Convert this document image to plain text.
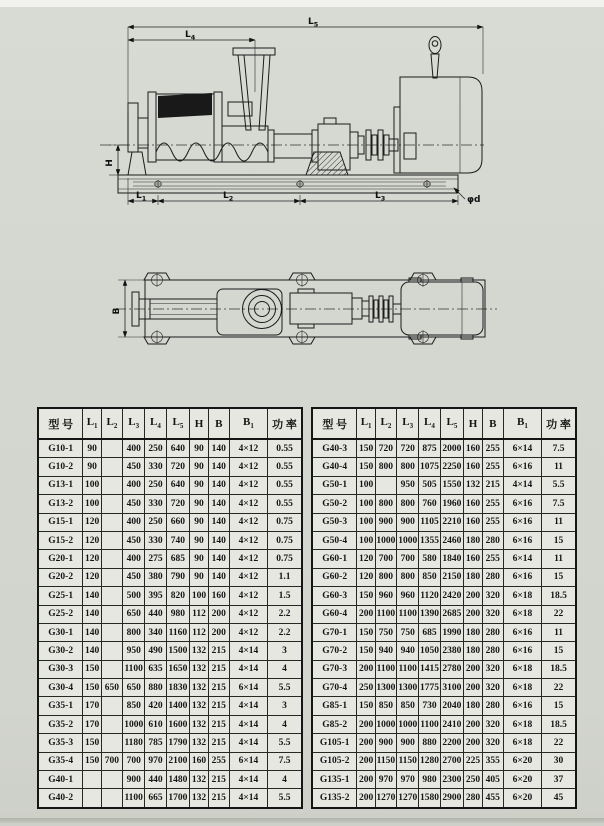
$L_5$
$L_4$
H
$L_1$	$L_2$	$L_3$	φd
B
型 号	$L_1$	$L_2$	$L_3$	$L_4$	$L_5$	H	B	$B_1$	功 率
G10-1	90		400	250	640	90	140	4×12	0.55
G10-2	90		450	330	720	90	140	4×12	0.55
G13-1	100		400	250	640	90	140	4×12	0.55
G13-2	100		450	330	720	90	140	4×12	0.55
G15-1	120		400	250	660	90	140	4×12	0.75
G15-2	120		450	330	740	90	140	4×12	0.75
G20-1	120		400	275	685	90	140	4×12	0.75
G20-2	120		450	380	790	90	140	4×12	1.1
G25-1	140		500	395	820	100	160	4×12	1.5
G25-2	140		650	440	980	112	200	4×12	2.2
G30-1	140		800	340	1160	112	200	4×12	2.2
G30-2	140		950	490	1500	132	215	4×14	3
G30-3	150		1100	635	1650	132	215	4×14	4
G30-4	150	650	650	880	1830	132	215	6×14	5.5
G35-1	170		850	420	1400	132	215	4×14	3
G35-2	170		1000	610	1600	132	215	4×14	4
G35-3	150		1180	785	1790	132	215	4×14	5.5
G35-4	150	700	700	970	2100	160	255	6×14	7.5
G40-1			900	440	1480	132	215	4×14	4
G40-2			1100	665	1700	132	215	4×14	5.5
型 号	$L_1$	$L_2$	$L_3$	$L_4$	$L_5$	H	B	$B_1$	功 率
G40-3	150	720	720	875	2000	160	255	6×14	7.5
G40-4	150	800	800	1075	2250	160	255	6×16	11
G50-1	100		950	505	1550	132	215	4×14	5.5
G50-2	100	800	800	760	1960	160	255	6×16	7.5
G50-3	100	900	900	1105	2210	160	255	6×16	11
G50-4	100	1000	1000	1355	2460	180	280	6×16	15
G60-1	120	700	700	580	1840	160	255	6×14	11
G60-2	120	800	800	850	2150	180	280	6×16	15
G60-3	150	960	960	1120	2420	200	320	6×18	18.5
G60-4	200	1100	1100	1390	2685	200	320	6×18	22
G70-1	150	750	750	685	1990	180	280	6×16	11
G70-2	150	940	940	1050	2380	180	280	6×16	15
G70-3	200	1100	1100	1415	2780	200	320	6×18	18.5
G70-4	250	1300	1300	1775	3100	200	320	6×18	22
G85-1	150	850	850	730	2040	180	280	6×16	15
G85-2	200	1000	1000	1100	2410	200	320	6×18	18.5
G105-1	200	900	900	880	2200	200	320	6×18	22
G105-2	200	1150	1150	1280	2700	225	355	6×20	30
G135-1	200	970	970	980	2300	250	405	6×20	37
G135-2	200	1270	1270	1580	2900	280	455	6×20	45
